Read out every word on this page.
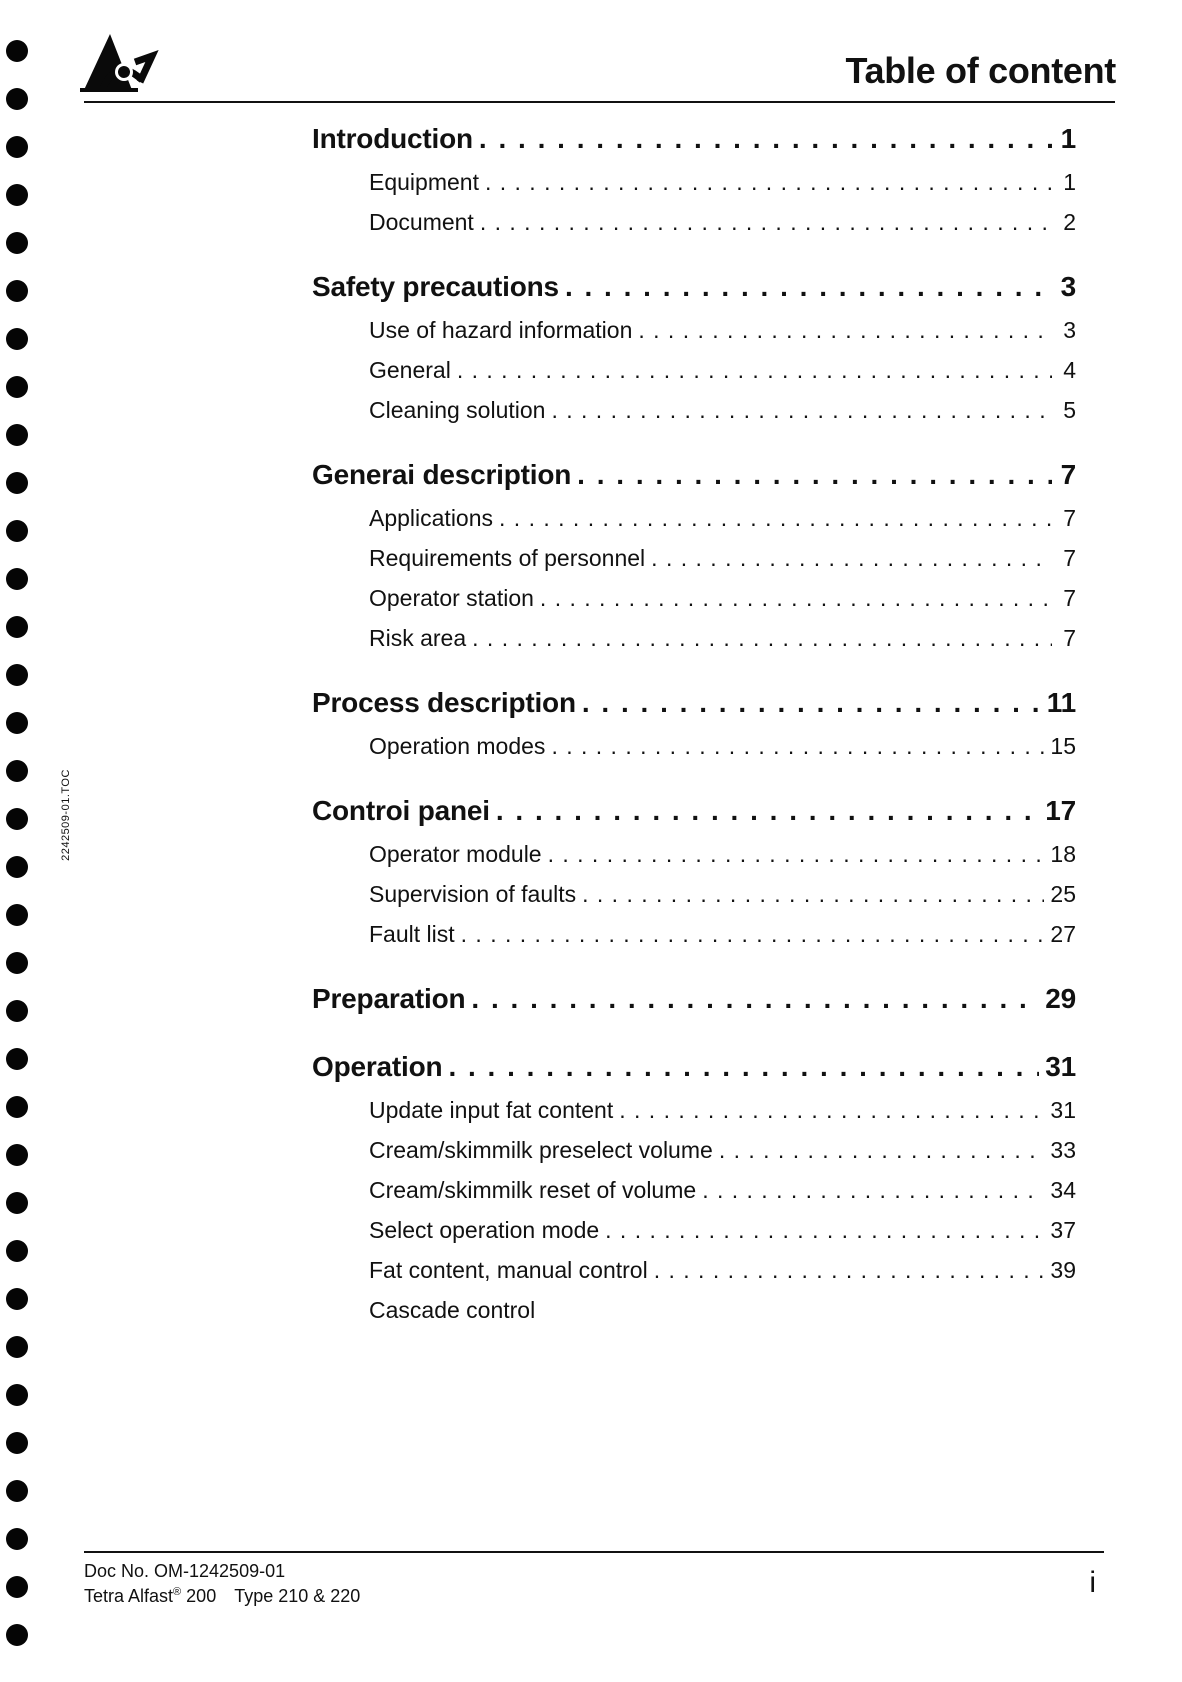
Table of content
2242509-01.TOC
Introduction . . .	1
Equipment . . .	1
Document . . .	2
Safety precautions . . .	3
Use of hazard information . . .	3
General . . .	4
Cleaning solution . . .	5
Generai description . . .	7
Applications . . .	7
Requirements of personnel . . .	7
Operator station . . .	7
Risk area . . .	7
Process description . . .	11
Operation modes . . .	15
Controi panei . . .	17
Operator module . . .	18
Supervision of faults . . .	25
Fault list . . .	27
Preparation . . .	29
Operation . . .	31
Update input fat content . . .	31
Cream/skimmilk preselect volume . . .	33
Cream/skimmilk reset of volume . . .	34
Select operation mode . . .	37
Fat content, manual control . . .	39
Cascade control
Doc No. OM-1242509-01
Tetra Alfast® 200 Type 210 & 220	i
